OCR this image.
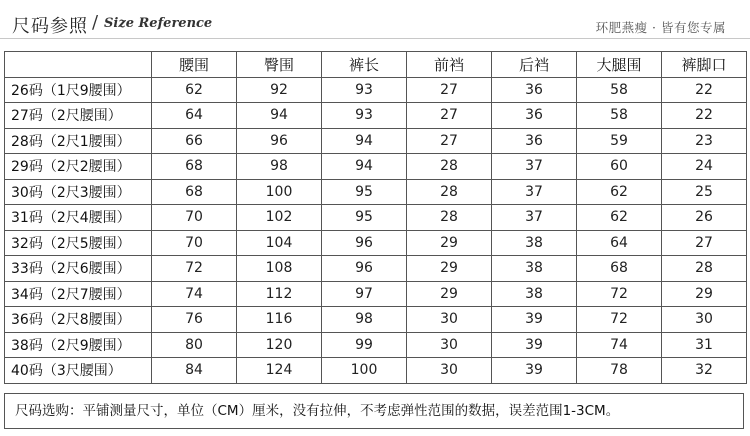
尺码参照 / Size Reference	环肥燕瘦 · 皆有您专属
	腰围	臀围	裤长	前裆	后裆	大腿围	裤脚口
26码（1尺9腰围）	62	92	93	27	36	58	22
27码（2尺腰围）	64	94	93	27	36	58	22
28码（2尺1腰围）	66	96	94	27	36	59	23
29码（2尺2腰围）	68	98	94	28	37	60	24
30码（2尺3腰围）	68	100	95	28	37	62	25
31码（2尺4腰围）	70	102	95	28	37	62	26
32码（2尺5腰围）	70	104	96	29	38	64	27
33码（2尺6腰围）	72	108	96	29	38	68	28
34码（2尺7腰围）	74	112	97	29	38	72	29
36码（2尺8腰围）	76	116	98	30	39	72	30
38码（2尺9腰围）	80	120	99	30	39	74	31
40码（3尺腰围）	84	124	100	30	39	78	32
尺码选购：平铺测量尺寸，单位（CM）厘米，没有拉伸，不考虑弹性范围的数据，误差范围1-3CM。
